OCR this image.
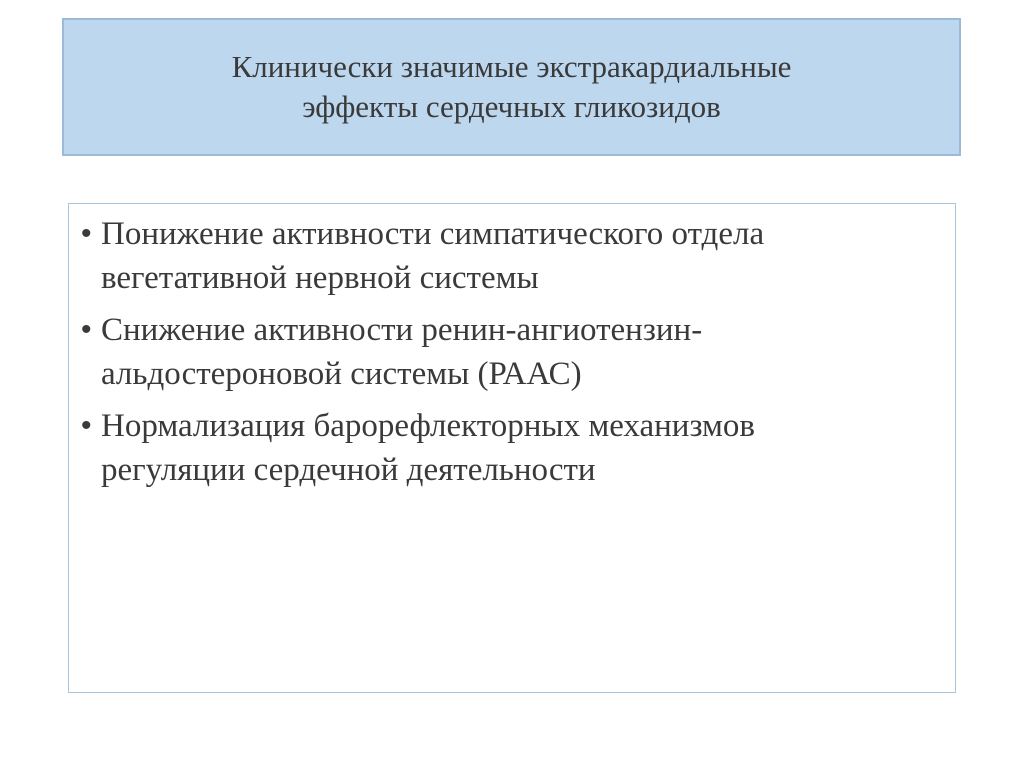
Клинически значимые экстракардиальные
эффекты сердечных гликозидов
• Понижение активности симпатического отдела
вегетативной нервной системы
• Снижение активности ренин-ангиотензин-
альдостероновой системы (РААС)
• Нормализация барорефлекторных механизмов
регуляции сердечной деятельности
